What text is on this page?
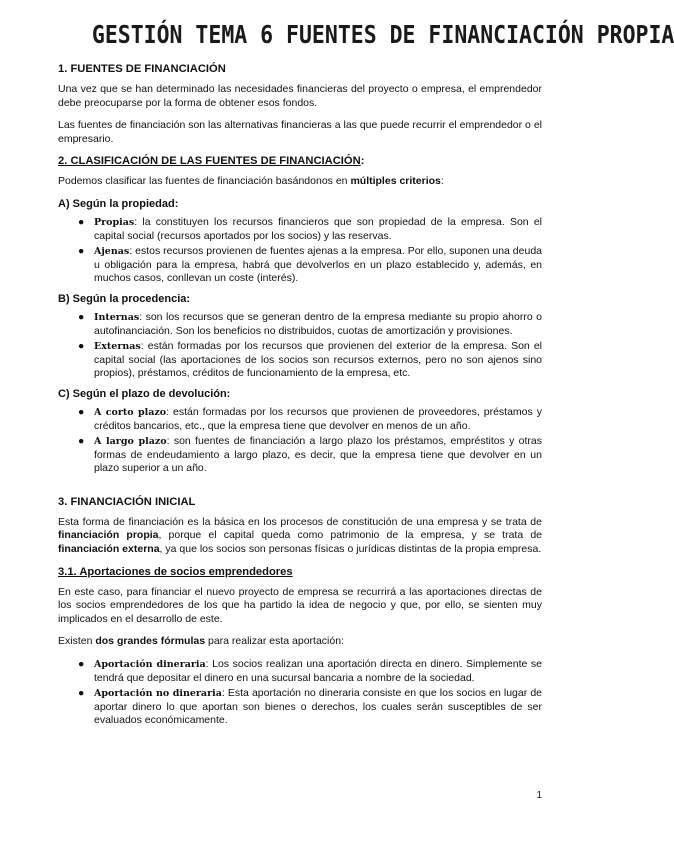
GESTIÓN TEMA 6 FUENTES DE FINANCIACIÓN PROPIA
1. FUENTES DE FINANCIACIÓN

Una vez que se han determinado las necesidades financieras del proyecto o empresa, el emprendedor debe preocuparse por la forma de obtener esos fondos.

Las fuentes de financiación son las alternativas financieras a las que puede recurrir el emprendedor o el empresario.

2. CLASIFICACIÓN DE LAS FUENTES DE FINANCIACIÓN:

Podemos clasificar las fuentes de financiación basándonos en múltiples criterios:

A) Según la propiedad:
● Propias: la constituyen los recursos financieros que son propiedad de la empresa. Son el capital social (recursos aportados por los socios) y las reservas.
● Ajenas: estos recursos provienen de fuentes ajenas a la empresa. Por ello, suponen una deuda u obligación para la empresa, habrá que devolverlos en un plazo establecido y, además, en muchos casos, conllevan un coste (interés).
B) Según la procedencia:
● Internas: son los recursos que se generan dentro de la empresa mediante su propio ahorro o autofinanciación. Son los beneficios no distribuidos, cuotas de amortización y provisiones.
● Externas: están formadas por los recursos que provienen del exterior de la empresa. Son el capital social (las aportaciones de los socios son recursos externos, pero no son ajenos sino propios), préstamos, créditos de funcionamiento de la empresa, etc.
C) Según el plazo de devolución:
● A corto plazo: están formadas por los recursos que provienen de proveedores, préstamos y créditos bancarios, etc., que la empresa tiene que devolver en menos de un año.
● A largo plazo: son fuentes de financiación a largo plazo los préstamos, empréstitos y otras formas de endeudamiento a largo plazo, es decir, que la empresa tiene que devolver en un plazo superior a un año.
3. FINANCIACIÓN INICIAL

Esta forma de financiación es la básica en los procesos de constitución de una empresa y se trata de financiación propia, porque el capital queda como patrimonio de la empresa, y se trata de financiación externa, ya que los socios son personas físicas o jurídicas distintas de la propia empresa.

3.1. Aportaciones de socios emprendedores

En este caso, para financiar el nuevo proyecto de empresa se recurrirá a las aportaciones directas de los socios emprendedores de los que ha partido la idea de negocio y que, por ello, se sienten muy implicados en el desarrollo de este.

Existen dos grandes fórmulas para realizar esta aportación:

● Aportación dineraria: Los socios realizan una aportación directa en dinero. Simplemente se tendrá que depositar el dinero en una sucursal bancaria a nombre de la sociedad.
● Aportación no dineraria: Esta aportación no dineraria consiste en que los socios en lugar de aportar dinero lo que aportan son bienes o derechos, los cuales serán susceptibles de ser evaluados económicamente.
1
